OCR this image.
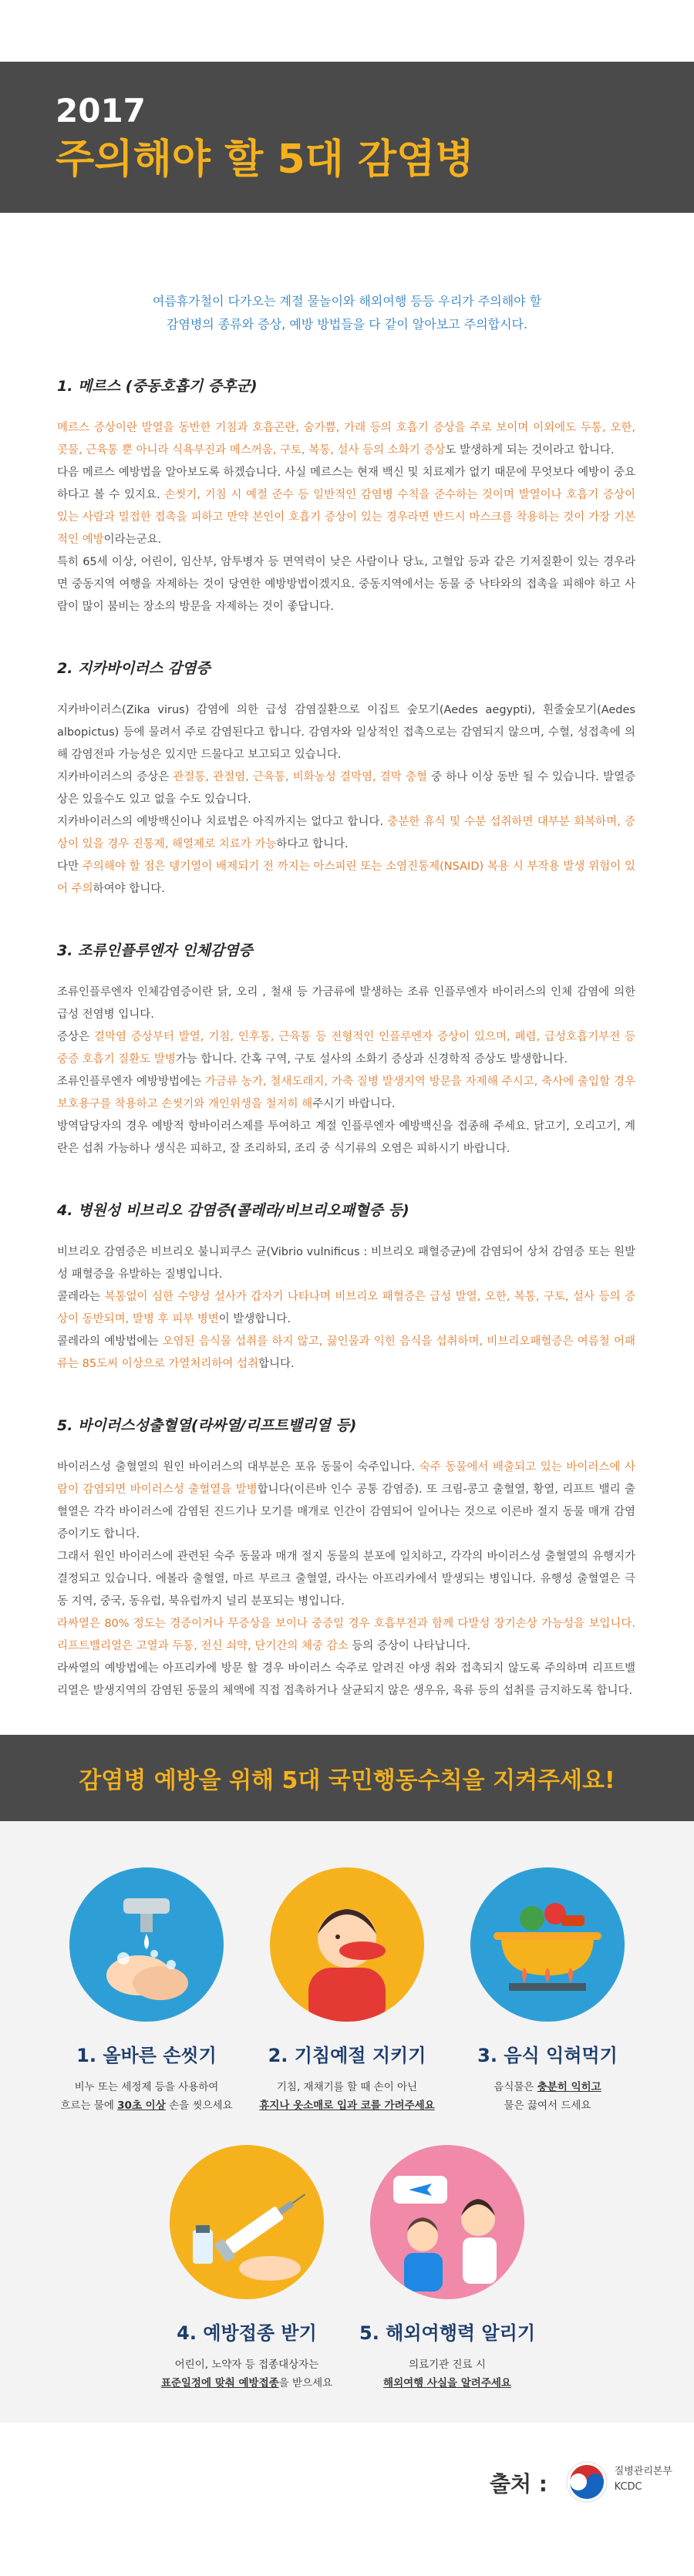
2017
주의해야 할 5대 감염병
여름휴가철이 다가오는 계절 물놀이와 해외여행 등등 우리가 주의해야 할
감염병의 종류와 증상, 예방 방법들을 다 같이 알아보고 주의합시다.
1. 메르스 (중동호흡기 증후군)

메르스 증상이란 발열을 동반한 기침과 호흡곤란, 숨가쁨, 가래 등의 호흡기 증상을 주로 보이며 이외에도 두통, 오한, 콧물, 근육통 뿐 아니라 식욕부진과 메스꺼움, 구토, 복통, 설사 등의 소화기 증상도 발생하게 되는 것이라고 합니다.

다음 메르스 예방법을 알아보도록 하겠습니다. 사실 메르스는 현재 백신 및 치료제가 없기 때문에 무엇보다 예방이 중요하다고 볼 수 있지요. 손씻기, 기침 시 예절 준수 등 일반적인 감염병 수칙을 준수하는 것이며 발열이나 호흡기 증상이 있는 사람과 밀접한 접촉을 피하고 만약 본인이 호흡기 증상이 있는 경우라면 반드시 마스크를 착용하는 것이 가장 기본적인 예방이라는군요.

특히 65세 이상, 어린이, 임산부, 암투병자 등 면역력이 낮은 사람이나 당뇨, 고혈압 등과 같은 기저질환이 있는 경우라면 중동지역 여행을 자제하는 것이 당연한 예방방법이겠지요. 중동지역에서는 동물 중 낙타와의 접촉을 피해야 하고 사람이 많이 붐비는 장소의 방문을 자제하는 것이 좋답니다.

2. 지카바이러스 감염증

지카바이러스(Zika virus) 감염에 의한 급성 감염질환으로 이집트 숲모기(Aedes aegypti), 흰줄숲모기(Aedes albopictus) 등에 물려서 주로 감염된다고 합니다. 감염자와 일상적인 접촉으로는 감염되지 않으며, 수혈, 성접촉에 의해 감염전파 가능성은 있지만 드물다고 보고되고 있습니다.

지카바이러스의 증상은 관절통, 관절염, 근육통, 비화농성 결막염, 결막 충혈 중 하나 이상 동반 될 수 있습니다. 발열증상은 있을수도 있고 없을 수도 있습니다.

지카바이러스의 예방백신이나 치료법은 아직까지는 없다고 합니다. 충분한 휴식 및 수분 섭취하면 대부분 회복하며, 증상이 있을 경우 진통제, 해열제로 치료가 가능하다고 합니다.

다만 주의해야 할 점은 뎅기열이 배제되기 전 까지는 아스피린 또는 소염진통제(NSAID) 복용 시 부작용 발생 위험이 있어 주의하여야 합니다.

3. 조류인플루엔자 인체감염증

조류인플루엔자 인체감염증이란 닭, 오리 , 철새 등 가금류에 발생하는 조류 인플루엔자 바이러스의 인체 감염에 의한 급성 전염병 입니다.

증상은 결막염 증상부터 발열, 기침, 인후통, 근육통 등 전형적인 인플루엔자 증상이 있으며, 폐렴, 급성호흡기부전 등 중증 호흡기 질환도 발병가능 합니다. 간혹 구역, 구토 설사의 소화기 증상과 신경학적 증상도 발생합니다.

조류인플루엔자 예방방법에는 가금류 농가, 철새도래지, 가축 질병 발생지역 방문을 자제해 주시고, 축사에 출입할 경우 보호용구를 착용하고 손씻기와 개인위생을 철저히 해주시기 바랍니다.

방역담당자의 경우 예방적 항바이러스제를 투여하고 계절 인플루엔자 예방백신을 접종해 주세요. 닭고기, 오리고기, 계란은 섭취 가능하나 생식은 피하고, 잘 조리하되, 조리 중 식기류의 오염은 피하시기 바랍니다.

4. 병원성 비브리오 감염증(콜레라/비브리오패혈증 등)

비브리오 감염증은 비브리오 불니피쿠스 균(Vibrio vulnificus : 비브리오 패혈증균)에 감염되어 상처 감염증 또는 원발성 패혈증을 유발하는 질병입니다.

콜레라는 복통없이 심한 수양성 설사가 갑자기 나타나며 비브리오 패혈증은 급성 발열, 오한, 복통, 구토, 설사 등의 증상이 동반되며, 발병 후 피부 병변이 발생합니다.

콜레라의 예방법에는 오염된 음식물 섭취를 하지 않고, 끓인물과 익힌 음식을 섭취하며, 비브리오패혈증은 여름철 어패류는 85도씨 이상으로 가열처리하여 섭취합니다.

5. 바이러스성출혈열(라싸열/리프트밸리열 등)

바이러스성 출혈열의 원인 바이러스의 대부분은 포유 동물이 숙주입니다. 숙주 동물에서 배출되고 있는 바이러스에 사람이 감염되면 바이러스성 출혈열을 발병합니다(이른바 인수 공통 감염증). 또 크림-콩고 출혈열, 황열, 리프트 밸리 출혈열은 각각 바이러스에 감염된 진드기나 모기를 매개로 인간이 감염되어 일어나는 것으로 이른바 절지 동물 매개 감염증이기도 합니다.

그래서 원인 바이러스에 관련된 숙주 동물과 매개 절지 동물의 분포에 일치하고, 각각의 바이러스성 출혈열의 유행지가 결정되고 있습니다. 에볼라 출혈열, 마르 부르크 출혈열, 라사는 아프리카에서 발생되는 병입니다. 유행성 출혈열은 극동 지역, 중국, 동유럽, 북유럽까지 널리 분포되는 병입니다.

라싸열은 80% 정도는 경증이거나 무증상을 보이나 중증일 경우 호흡부전과 함께 다발성 장기손상 가능성을 보입니다. 리프트밸리열은 고열과 두통, 전신 쇠약, 단기간의 체중 감소 등의 증상이 나타납니다.

라싸열의 예방법에는 아프리카에 방문 할 경우 바이러스 숙주로 알려진 야생 취와 접촉되지 않도록 주의하며 리프트밸리열은 발생지역의 감염된 동물의 체액에 직접 접촉하거나 살균되지 않은 생우유, 육류 등의 섭취를 금지하도록 합니다.

감염병 예방을 위해 5대 국민행동수칙을 지켜주세요!
1. 올바른 손씻기
비누 또는 세정제 등을 사용하여
흐르는 물에 30초 이상 손을 씻으세요
2. 기침예절 지키기
기침, 재채기를 할 때 손이 아닌
휴지나 옷소매로 입과 코를 가려주세요
3. 음식 익혀먹기
음식물은 충분히 익히고
물은 끓여서 드세요
4. 예방접종 받기
어린이, 노약자 등 접종대상자는
표준일정에 맞춰 예방접종을 받으세요
5. 해외여행력 알리기
의료기관 진료 시
해외여행 사실을 알려주세요
출처 :	질병관리본부
KCDC
